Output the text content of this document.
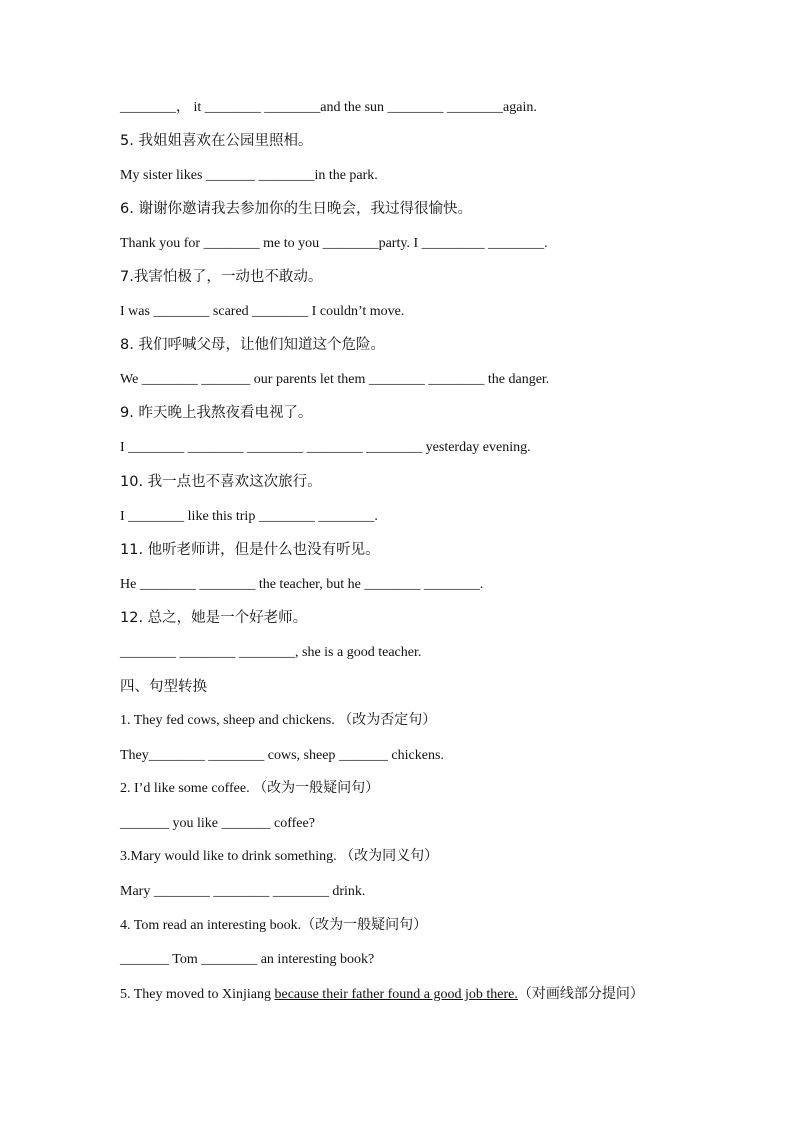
________， it ________ ________and the sun ________ ________again.
5. 我姐姐喜欢在公园里照相。
My sister likes _______ ________in the park.
6. 谢谢你邀请我去参加你的生日晚会，我过得很愉快。
Thank you for ________ me to you ________party. I _________ ________.
7.我害怕极了，一动也不敢动。
I was ________ scared ________ I couldn’t move.
8. 我们呼喊父母，让他们知道这个危险。
We ________ _______ our parents let them ________ ________ the danger.
9. 昨天晚上我熬夜看电视了。
I ________ ________ ________ ________ ________ yesterday evening.
10. 我一点也不喜欢这次旅行。
I ________ like this trip ________ ________.
11. 他听老师讲，但是什么也没有听见。
He ________ ________ the teacher, but he ________ ________.
12. 总之，她是一个好老师。
________ ________ ________, she is a good teacher.
四、句型转换
1. They fed cows, sheep and chickens. （改为否定句）
They________ ________ cows, sheep _______ chickens.
2. I’d like some coffee. （改为一般疑问句）
_______ you like _______ coffee?
3.Mary would like to drink something. （改为同义句）
Mary ________ ________ ________ drink.
4. Tom read an interesting book.（改为一般疑问句）
_______ Tom ________ an interesting book?
5. They moved to Xinjiang because their father found a good job there.（对画线部分提问）
